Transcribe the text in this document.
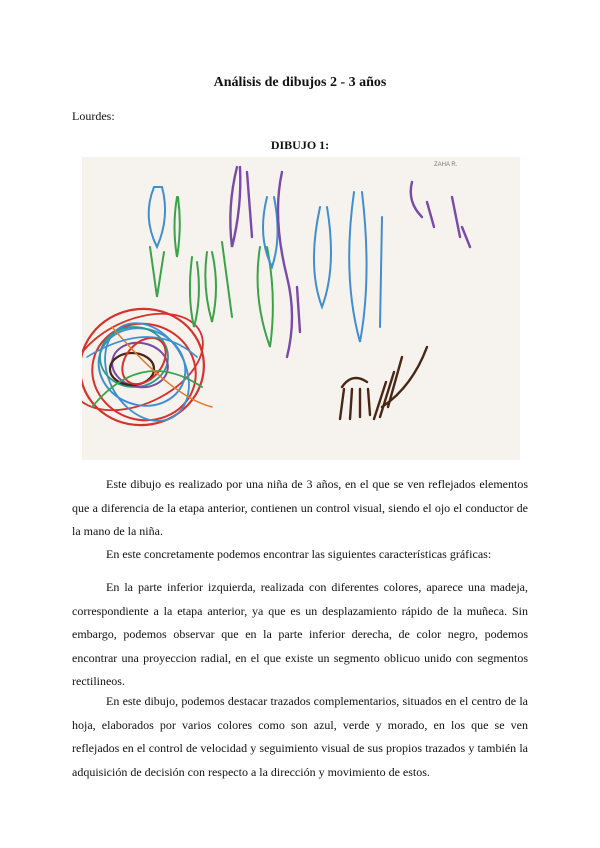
Análisis de dibujos 2 - 3 años
Lourdes:
DIBUJO 1:
ZAHA R.

Este dibujo es realizado por una niña de 3 años, en el que se ven reflejados elementos que a diferencia de la etapa anterior, contienen un control visual, siendo el ojo el conductor de la mano de la niña.

En este concretamente podemos encontrar las siguientes características gráficas:

En la parte inferior izquierda, realizada con diferentes colores, aparece una madeja, correspondiente a la etapa anterior, ya que es un desplazamiento rápido de la muñeca. Sin embargo, podemos observar que en la parte inferior derecha, de color negro, podemos encontrar una proyeccion radial, en el que existe un segmento oblicuo unido con segmentos rectilineos.

En este dibujo, podemos destacar trazados complementarios, situados en el centro de la hoja, elaborados por varios colores como son azul, verde y morado, en los que se ven reflejados en el control de velocidad y seguimiento visual de sus propios trazados y también la adquisición de decisión con respecto a la dirección y movimiento de estos.
